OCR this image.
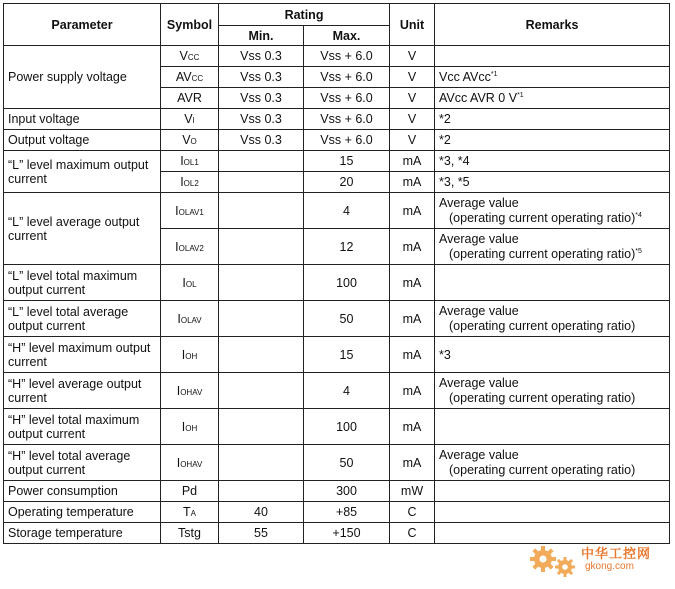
Parameter	Symbol	Rating		Unit	Remarks
		Min.	Max.		
Power supply voltage	VCC	Vss 0.3	Vss + 6.0	V	
	AVCC	Vss 0.3	Vss + 6.0	V	Vcc AVcc$^{*1}$
	AVR	Vss 0.3	Vss + 6.0	V	AVcc AVR 0 $V^{*1}$
Input voltage	VI	Vss 0.3	Vss + 6.0	V	*2
Output voltage	VO	Vss 0.3	Vss + 6.0	V	*2
“L” level maximum output current	IOL1		15	mA	*3, *4
	IOL2		20	mA	*3, *5
“L” level average output current	IOLAV1		4	mA	Average value
(operating current operating ratio)$^{*4}$
	IOLAV2		12	mA	Average value
(operating current operating ratio)$^{*5}$
“L” level total maximum output current	IOL		100	mA	
“L” level total average output current	IOLAV		50	mA	Average value
(operating current operating ratio)
“H” level maximum output current	IOH		15	mA	*3
“H” level average output current	IOHAV		4	mA	Average value
(operating current operating ratio)
“H” level total maximum output current	IOH		100	mA	
“H” level total average output current	IOHAV		50	mA	Average value
(operating current operating ratio)
Power consumption	Pd		300	mW	
Operating temperature	TA	40	+85	C	
Storage temperature	Tstg	55	+150	C	
中华工控网
gkong.com
